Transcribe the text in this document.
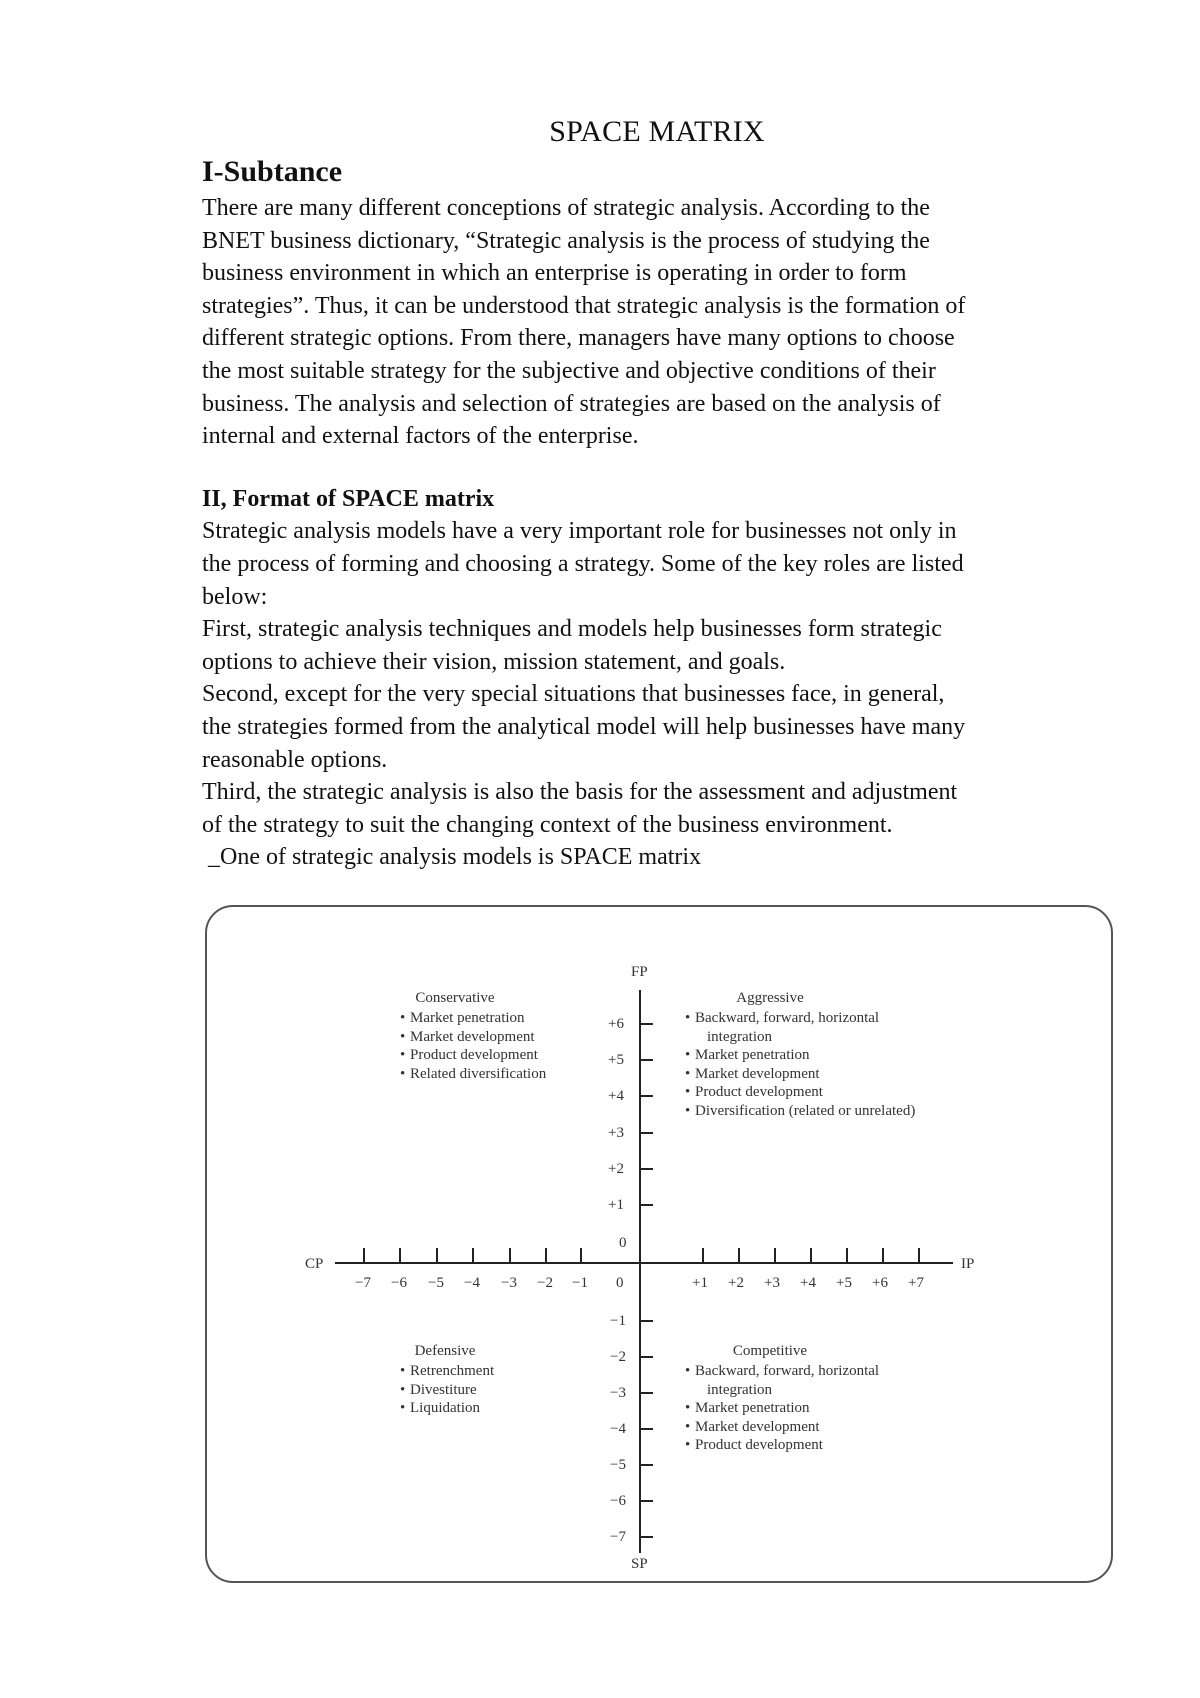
SPACE MATRIX
I-Subtance

There are many different conceptions of strategic analysis. According to the

BNET business dictionary, “Strategic analysis is the process of studying the

business environment in which an enterprise is operating in order to form

strategies”. Thus, it can be understood that strategic analysis is the formation of

different strategic options. From there, managers have many options to choose

the most suitable strategy for the subjective and objective conditions of their

business. The analysis and selection of strategies are based on the analysis of

internal and external factors of the enterprise.

II, Format of SPACE matrix

Strategic analysis models have a very important role for businesses not only in

the process of forming and choosing a strategy. Some of the key roles are listed

below:

First, strategic analysis techniques and models help businesses form strategic

options to achieve their vision, mission statement, and goals.

Second, except for the very special situations that businesses face, in general,

the strategies formed from the analytical model will help businesses have many

reasonable options.

Third, the strategic analysis is also the basis for the assessment and adjustment

of the strategy to suit the changing context of the business environment.

_One of strategic analysis models is SPACE matrix

FP
SP
CP	IP
−7 −6 −5 −4 −3 −2 −1 0	+1 +2 +3 +4 +5 +6 +7
+6
+5
+4
+3
+2
+1
0
−1
−2
−3
−4
−5
−6
−7
Conservative
• Market penetration
• Market development
• Product development
• Related diversification
Aggressive
• Backward, forward, horizontal
integration
• Market penetration
• Market development
• Product development
• Diversification (related or unrelated)
Defensive
• Retrenchment
• Divestiture
• Liquidation
Competitive
• Backward, forward, horizontal
integration
• Market penetration
• Market development
• Product development
